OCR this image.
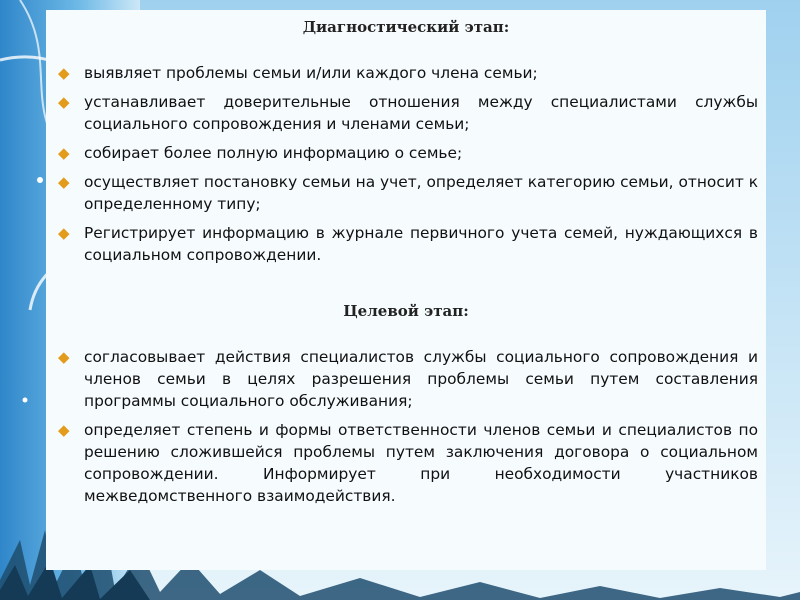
Диагностический этап:
◆ выявляет проблемы семьи и/или каждого члена семьи;
◆ устанавливает доверительные отношения между специалистами службы социального сопровождения и членами семьи;
◆ собирает более полную информацию о семье;
◆ осуществляет постановку семьи на учет, определяет категорию семьи, относит к определенному типу;
◆ Регистрирует информацию в журнале первичного учета семей, нуждающихся в социальном сопровождении.
Целевой этап:
◆ согласовывает действия специалистов службы социального сопровождения и членов семьи в целях разрешения проблемы семьи путем составления программы социального обслуживания;
◆ определяет степень и формы ответственности членов семьи и специалистов по решению сложившейся проблемы путем заключения договора о социальном сопровождении. Информирует при необходимости участников межведомственного взаимодействия.
